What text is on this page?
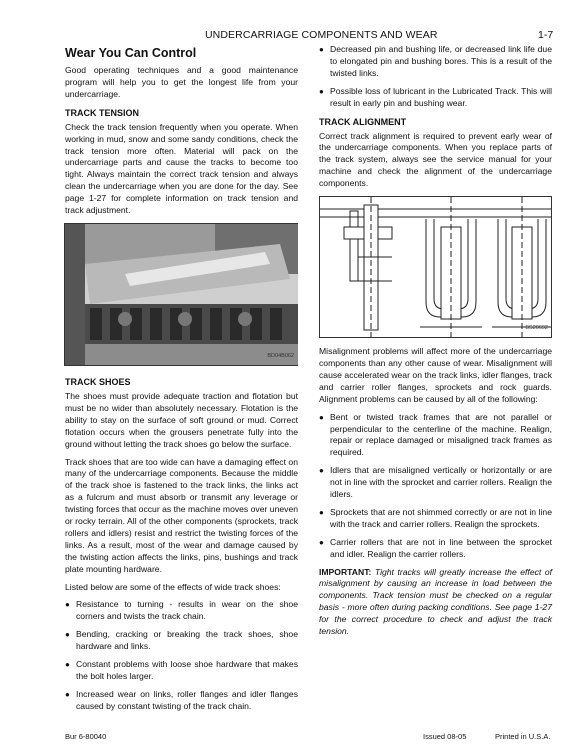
UNDERCARRIAGE COMPONENTS AND WEAR	1-7
Wear You Can Control

Good operating techniques and a good maintenance program will help you to get the longest life from your undercarriage.

TRACK TENSION

Check the track tension frequently when you operate. When working in mud, snow and some sandy conditions, check the track tension more often. Material will pack on the undercarriage parts and cause the tracks to become too tight. Always maintain the correct track tension and always clean the undercarriage when you are done for the day. See page 1-27 for complete information on track tension and track adjustment.

BD04B062
TRACK SHOES

The shoes must provide adequate traction and flotation but must be no wider than absolutely necessary. Flotation is the ability to stay on the surface of soft ground or mud. Correct flotation occurs when the grousers penetrate fully into the ground without letting the track shoes go below the surface.

Track shoes that are too wide can have a damaging effect on many of the undercarriage components. Because the middle of the track shoe is fastened to the track links, the links act as a fulcrum and must absorb or transmit any leverage or twisting forces that occur as the machine moves over uneven or rocky terrain. All of the other components (sprockets, track rollers and idlers) resist and restrict the twisting forces of the links. As a result, most of the wear and damage caused by the twisting action affects the links, pins, bushings and track plate mounting hardware.

Listed below are some of the effects of wide track shoes:

● Resistance to turning - results in wear on the shoe corners and twists the track chain.
● Bending, cracking or breaking the track shoes, shoe hardware and links.
● Constant problems with loose shoe hardware that makes the bolt holes larger.
● Increased wear on links, roller flanges and idler flanges caused by constant twisting of the track chain.
● Decreased pin and bushing life, or decreased link life due to elongated pin and bushing bores. This is a result of the twisted links.
● Possible loss of lubricant in the Lubricated Track. This will result in early pin and bushing wear.
TRACK ALIGNMENT

Correct track alignment is required to prevent early wear of the undercarriage components. When you replace parts of the track system, always see the service manual for your machine and check the alignment of the undercarriage components.

BS20692

Misalignment problems will affect more of the undercarriage components than any other cause of wear. Misalignment will cause accelerated wear on the track links, idler flanges, track and carrier roller flanges, sprockets and rock guards. Alignment problems can be caused by all of the following:

● Bent or twisted track frames that are not parallel or perpendicular to the centerline of the machine. Realign, repair or replace damaged or misaligned track frames as required.
● Idlers that are misaligned vertically or horizontally or are not in line with the sprocket and carrier rollers. Realign the idlers.
● Sprockets that are not shimmed correctly or are not in line with the track and carrier rollers. Realign the sprockets.
● Carrier rollers that are not in line between the sprocket and idler. Realign the carrier rollers.

IMPORTANT: Tight tracks will greatly increase the effect of misalignment by causing an increase in load between the components. Track tension must be checked on a regular basis - more often during packing conditions. See page 1-27 for the correct procedure to check and adjust the track tension.

Bur 6-80040	Issued 08-05	Printed in U.S.A.
